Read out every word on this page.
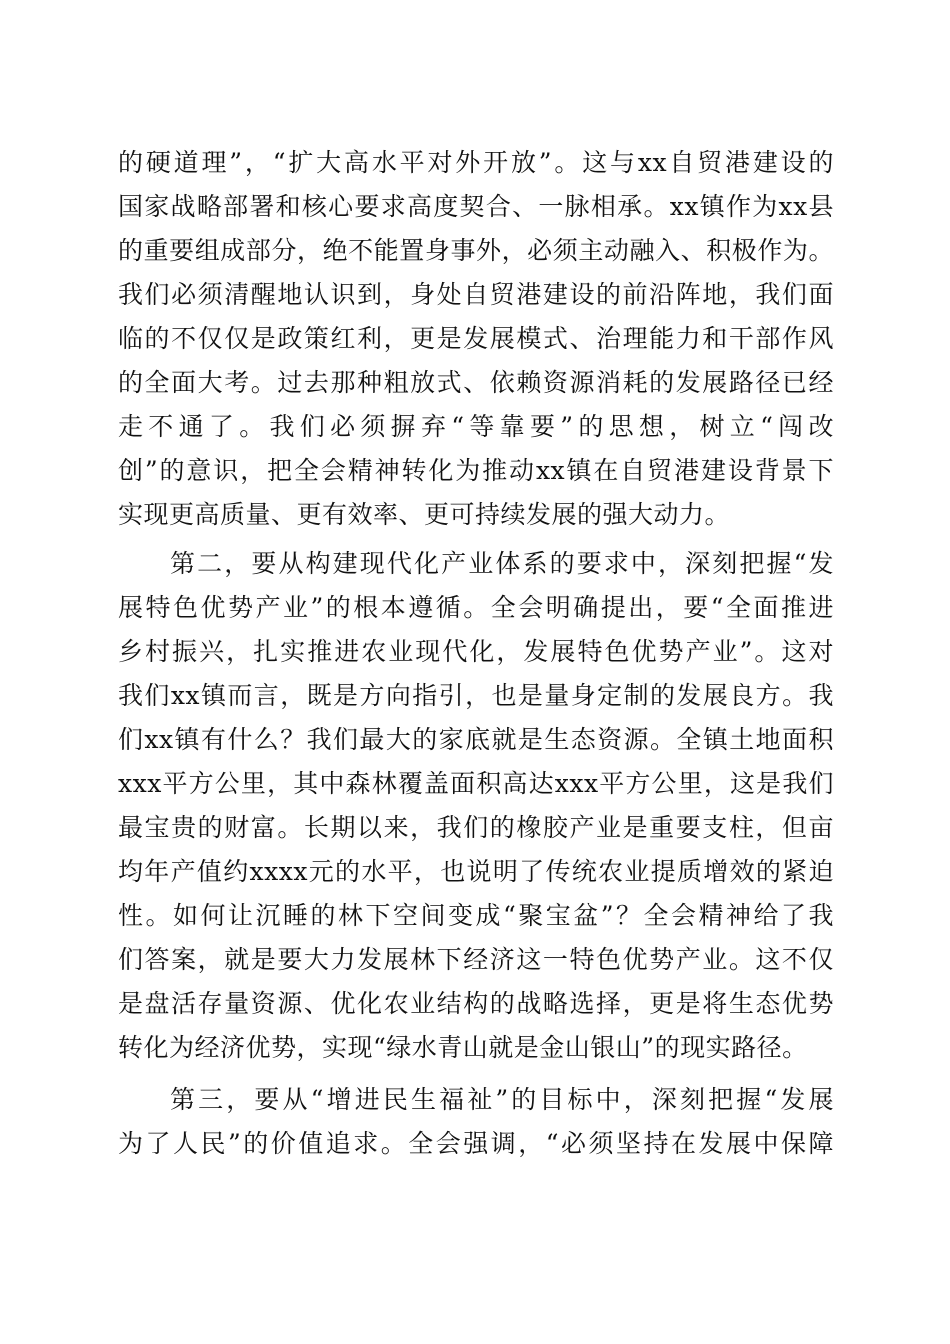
的硬道理”，“扩大高水平对外开放”。这与xx自贸港建设的
国家战略部署和核心要求高度契合、一脉相承。xx镇作为xx县
的重要组成部分，绝不能置身事外，必须主动融入、积极作为。
我们必须清醒地认识到，身处自贸港建设的前沿阵地，我们面
临的不仅仅是政策红利，更是发展模式、治理能力和干部作风
的全面大考。过去那种粗放式、依赖资源消耗的发展路径已经
走不通了。我们必须摒弃“等靠要”的思想，树立“闯改
创”的意识，把全会精神转化为推动xx镇在自贸港建设背景下
实现更高质量、更有效率、更可持续发展的强大动力。
第二，要从构建现代化产业体系的要求中，深刻把握“发
展特色优势产业”的根本遵循。全会明确提出，要“全面推进
乡村振兴，扎实推进农业现代化，发展特色优势产业”。这对
我们xx镇而言，既是方向指引，也是量身定制的发展良方。我
们xx镇有什么？我们最大的家底就是生态资源。全镇土地面积
xxx平方公里，其中森林覆盖面积高达xxx平方公里，这是我们
最宝贵的财富。长期以来，我们的橡胶产业是重要支柱，但亩
均年产值约xxxx元的水平，也说明了传统农业提质增效的紧迫
性。如何让沉睡的林下空间变成“聚宝盆”？全会精神给了我
们答案，就是要大力发展林下经济这一特色优势产业。这不仅
是盘活存量资源、优化农业结构的战略选择，更是将生态优势
转化为经济优势，实现“绿水青山就是金山银山”的现实路径。
第三，要从“增进民生福祉”的目标中，深刻把握“发展
为了人民”的价值追求。全会强调，“必须坚持在发展中保障
